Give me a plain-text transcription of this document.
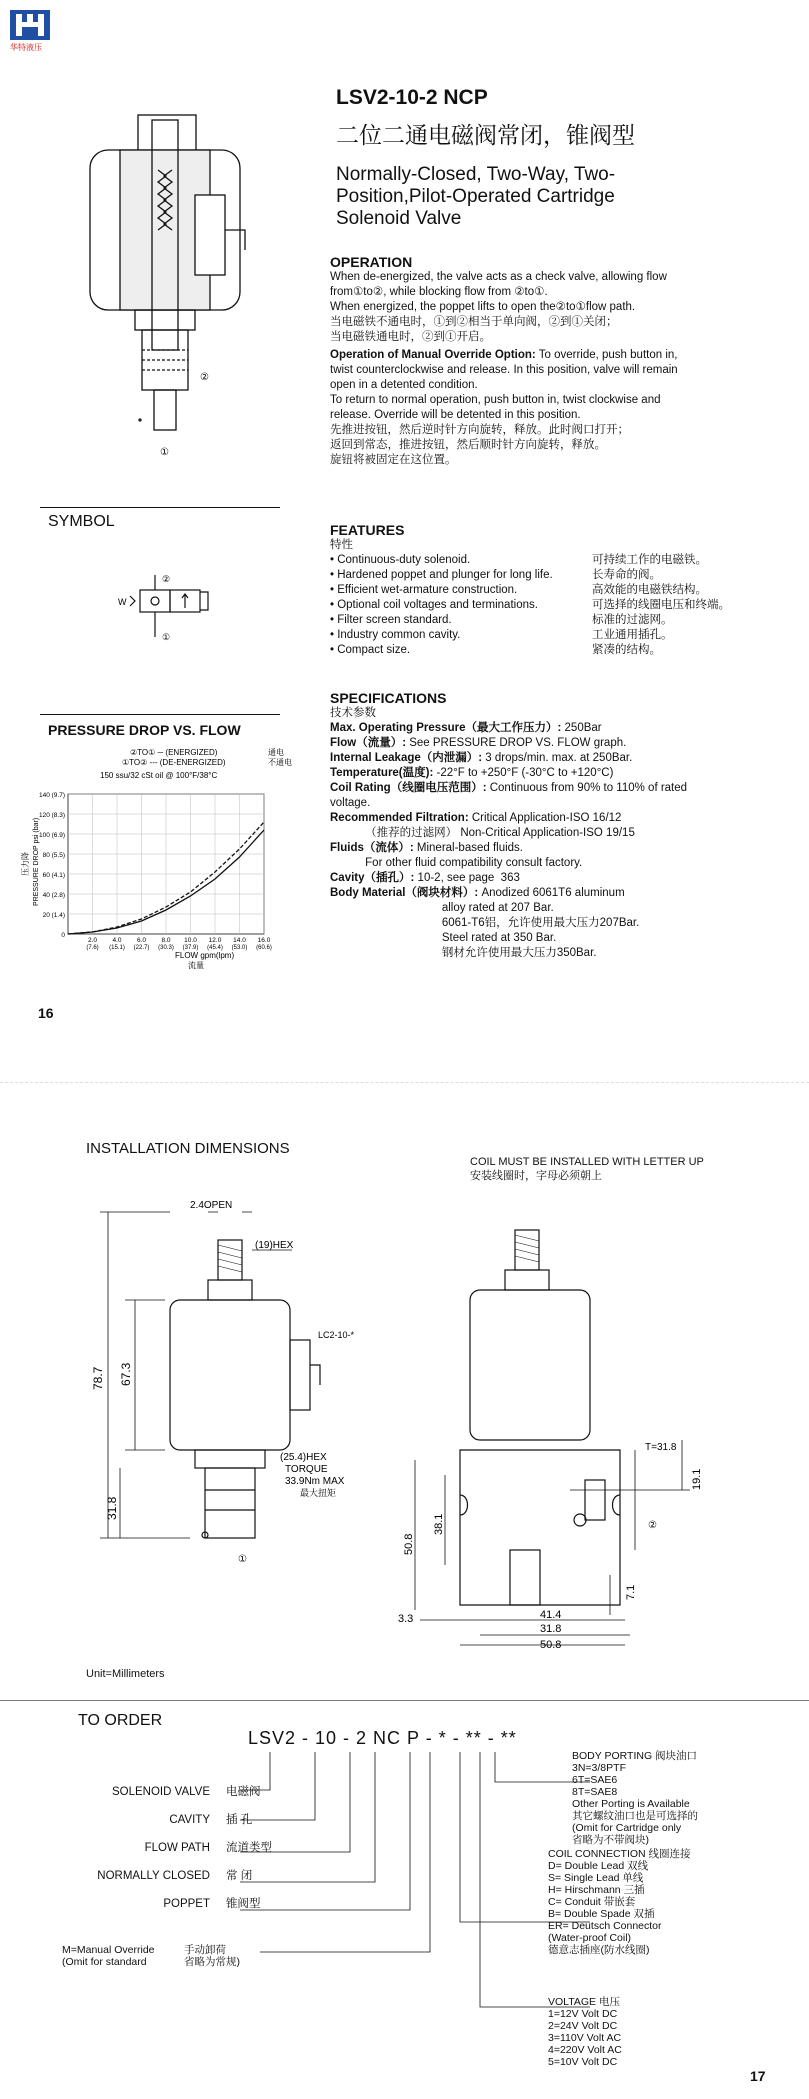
华特液压
LSV2-10-2 NCP
二位二通电磁阀常闭，锥阀型
Normally-Closed, Two-Way, Two-
Position,Pilot-Operated Cartridge
Solenoid Valve
②
①
SYMBOL
②
①
W
PRESSURE DROP VS. FLOW
②TO① ─ (ENERGIZED)	通电
①TO② --- (DE-ENERGIZED)	不通电
150 ssu/32 cSt oil @ 100°F/38°C
压力降 PRESSURE DROP psi (bar)
20 (1.4)
40 (2.8)
60 (4.1)
80 (5.5)
100 (6.9)
120 (8.3)
140 (9.7)
0
2.0
(7.6)
4.0
(15.1)
6.0
(22.7)
8.0
(30.3)
10.0
(37.9)
12.0
(45.4)
14.0
(53.0)
16.0
(60.6)
FLOW gpm(lpm)
流量
16
OPERATION
When de-energized, the valve acts as a check valve, allowing flow
from①to②, while blocking flow from ②to①.
When energized, the poppet lifts to open the②to①flow path.
当电磁铁不通电时，①到②相当于单向阀，②到①关闭；
当电磁铁通电时，②到①开启。
Operation of Manual Override Option: To override, push button in,
twist counterclockwise and release. In this position, valve will remain
open in a detented condition.
To return to normal operation, push button in, twist clockwise and
release. Override will be detented in this position.
先推进按钮，然后逆时针方向旋转，释放。此时阀口打开；
返回到常态，推进按钮，然后顺时针方向旋转，释放。
旋钮将被固定在这位置。
FEATURES
特性
• Continuous-duty solenoid.	可持续工作的电磁铁。
• Hardened poppet and plunger for long life.	长寿命的阀。
• Efficient wet-armature construction.	高效能的电磁铁结构。
• Optional coil voltages and terminations.	可选择的线圈电压和终端。
• Filter screen standard.	标准的过滤网。
• Industry common cavity.	工业通用插孔。
• Compact size.	紧凑的结构。
SPECIFICATIONS
技术参数
Max. Operating Pressure（最大工作压力）: 250Bar
Flow（流量）: See PRESSURE DROP VS. FLOW graph.
Internal Leakage（内泄漏）: 3 drops/min. max. at 250Bar.
Temperature(温度): -22°F to +250°F (-30°C to +120°C)
Coil Rating（线圈电压范围）: Continuous from 90% to 110% of rated
voltage.
Recommended Filtration: Critical Application-ISO 16/12
（推荐的过滤网） Non-Critical Application-ISO 19/15
Fluids（流体）: Mineral-based fluids.
For other fluid compatibility consult factory.
Cavity（插孔）: 10-2, see page  363
Body Material（阀块材料）: Anodized 6061T6 aluminum
alloy rated at 207 Bar.
6061-T6铝，允许使用最大压力207Bar.
Steel rated at 350 Bar.
钢材允许使用最大压力350Bar.
INSTALLATION DIMENSIONS
COIL MUST BE INSTALLED WITH LETTER UP
安装线圈时，字母必须朝上
2.4OPEN
(19)HEX
LC2-10-*
78.7 67.3
(25.4)HEX
TORQUE
33.9Nm MAX
最大扭矩
31.8
①
T=31.8
19.1
②
50.8
38.1
7.1
3.3
31.8
41.4
50.8
Unit=Millimeters
TO ORDER
LSV2 - 10 - 2 NC P - * - ** - **
SOLENOID VALVE 电磁阀
CAVITY 插 孔
FLOW PATH 流道类型
NORMALLY CLOSED 常 闭
POPPET 锥阀型
M=Manual Override	手动卸荷
(Omit for standard	省略为常规)
BODY PORTING 阀块油口
3N=3/8PTF
6T=SAE6
8T=SAE8
Other Porting is Available
其它螺纹油口也是可选择的
(Omit for Cartridge only
省略为不带阀块)
COIL CONNECTION 线圈连接
D= Double Lead 双线
S= Single Lead 单线
H= Hirschmann 三插
C= Conduit 带嵌套
B= Double Spade 双插
ER= Deutsch Connector
(Water-proof Coil)
德意志插座(防水线圈)
VOLTAGE 电压
1=12V Volt DC
2=24V Volt DC
3=110V Volt AC
4=220V Volt AC
5=10V Volt DC
17
